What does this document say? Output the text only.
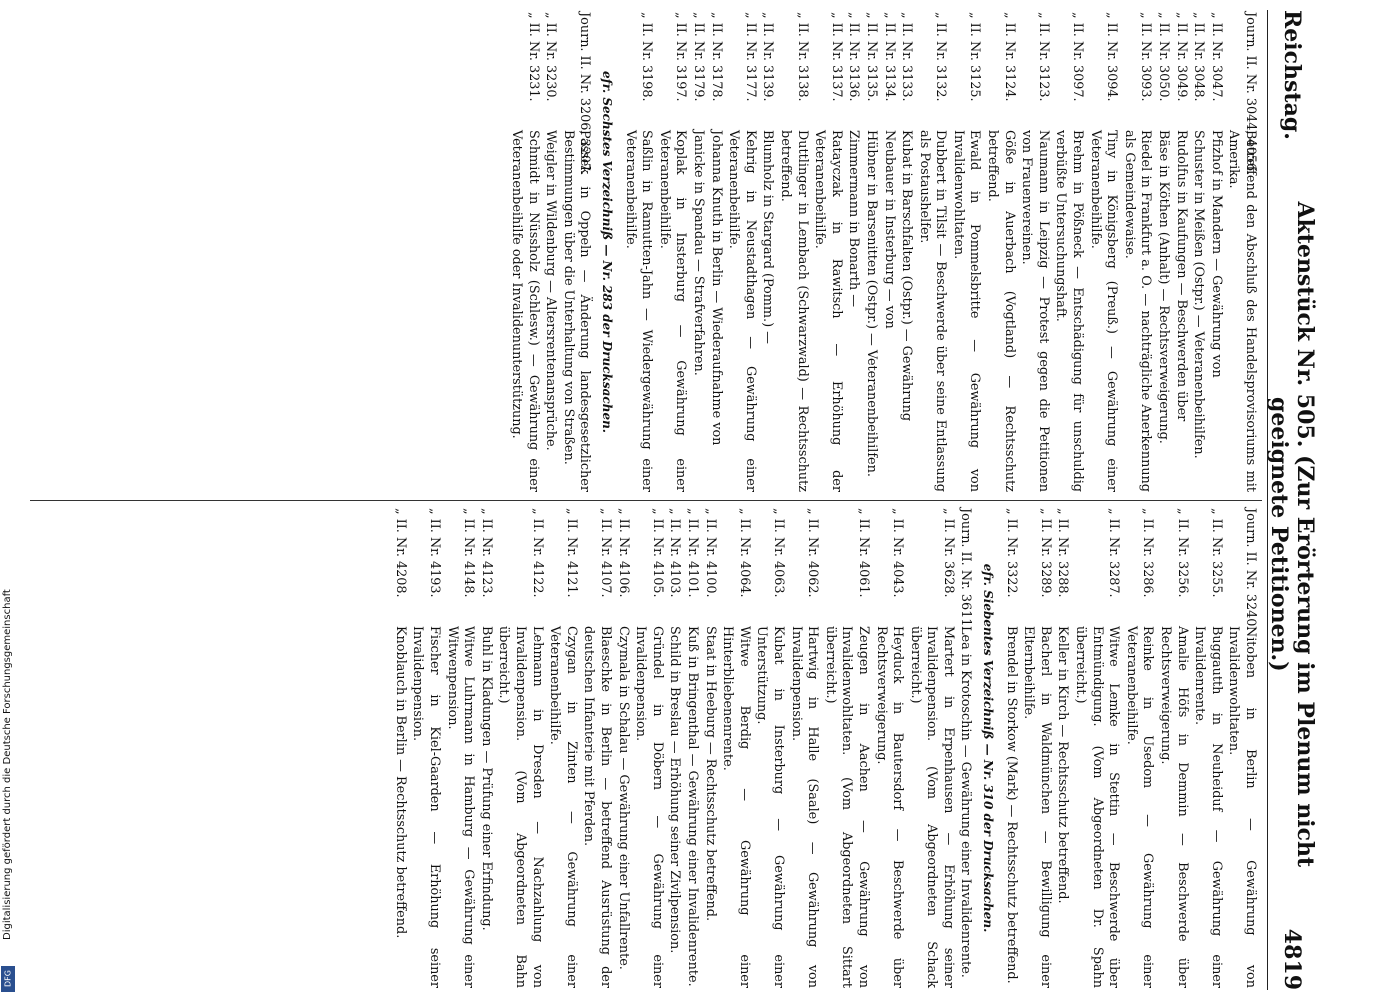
Digitalisierung gefördert durch die Deutsche Forschungsgemeinschaft
DFG
Reichstag.
Aktenstück Nr. 505. (Zur Erörterung im Plenum nicht geeignete Petitionen.)
4819
Journ. II. Nr. 3044, 4056.
Betreffend den Abschluß des Handelsprovisoriums mit Amerika.
„ II. Nr. 3047.
Pfizhof in Mandern — Gewährung von
„ II. Nr. 3048.
Schuster in Meißen (Ostpr.) — Veteranenbeihilfen.
„ II. Nr. 3049.
Rudolfus in Kaufungen — Beschwerden über
„ II. Nr. 3050.
Bäse in Köthen (Anhalt) — Rechtsverweigerung.
„ II. Nr. 3093.
Riedel in Frankfurt a. O. — nachträgliche Anerkennung als Gemeindewaise.
„ II. Nr. 3094.
Tiny in Königsberg (Preuß.) — Gewährung einer Veteranenbeihilfe.
„ II. Nr. 3097.
Brehm in Pößneck — Entschädigung für unschuldig verbüßte Untersuchungshaft.
„ II. Nr. 3123.
Naumann in Leipzig — Protest gegen die Petitionen von Frauenvereinen.
„ II. Nr. 3124.
Göße in Auerbach (Vogtland) — Rechtsschutz betreffend.
„ II. Nr. 3125.
Ewald in Pommelsbritte — Gewährung von Invalidenwohltaten.
„ II. Nr. 3132.
Dubbert in Tilsit — Beschwerde über seine Entlassung als Postaushelfer.
„ II. Nr. 3133.
Kubat in Barschfalten (Ostpr.) — Gewährung
„ II. Nr. 3134.
Neubauer in Insterburg — von
„ II. Nr. 3135.
Hübner in Barsenitten (Ostpr.) — Veteranenbeihilfen.
„ II. Nr. 3136.
Zimmermann in Bonarth —
„ II. Nr. 3137.
Ratayczak in Rawitsch — Erhöhung der Veteranenbeihilfe.
„ II. Nr. 3138.
Duttlinger in Lembach (Schwarzwald) — Rechtsschutz betreffend.
„ II. Nr. 3139.
Blumholz in Stargard (Pomm.) —
„ II. Nr. 3177.
Kehrig in Neustadthagen — Gewährung einer Veteranenbeihilfe.
„ II. Nr. 3178.
Johanna Knuth in Berlin — Wiederaufnahme von
„ II. Nr. 3179.
Janicke in Spandau — Strafverfahren.
„ II. Nr. 3197.
Koplak in Insterburg — Gewährung einer Veteranenbeihilfe.
„ II. Nr. 3198.
Saßlin in Ramutten-Jahn — Wiedergewährung einer Veteranenbeihilfe.
efr. Sechstes Verzeichniß — Nr. 283 der Drucksachen.
Journ. II. Nr. 3206, 3207.
Passek in Oppeln — Änderung landesgesetzlicher Bestimmungen über die Unterhaltung von Straßen.
„ II. Nr. 3230.
Weigler in Wildenburg — Altersrentenansprüche.
„ II. Nr. 3231.
Schmidt in Nüssholz (Schlesw.) — Gewährung einer Veteranenbeihilfe oder Invalidenunterstützung.
Journ. II. Nr. 3240.
Nitoben in Berlin — Gewährung von Invalidenwohltaten.
„ II. Nr. 3255.
Buggautth in Neuheiduf — Gewährung einer Invalidenrente.
„ II. Nr. 3256.
Amalie Höfs in Demmin — Beschwerde über Rechtsverweigerung.
„ II. Nr. 3286.
Reinke in Usedom — Gewährung einer Veteranenbeihilfe.
„ II. Nr. 3287.
Witwe Lemke in Stettin — Beschwerde über Entmündigung. (Vom Abgeordneten Dr. Spahn überreicht.)
„ II. Nr. 3288.
Keller in Kirch — Rechtsschutz betreffend.
„ II. Nr. 3289.
Bacherl in Waldmünchen — Bewilligung einer Elternbeihilfe.
„ II. Nr. 3322.
Brendel in Storkow (Mark) — Rechtsschutz betreffend.
efr. Siebentes Verzeichniß — Nr. 310 der Drucksachen.
Journ. II. Nr. 3611.
Lea in Krotoschin — Gewährung einer Invalidenrente.
„ II. Nr. 3628.
Martert in Erpenhausen — Erhöhung seiner Invalidenpension. (Vom Abgeordneten Schack überreicht.)
„ II. Nr. 4043.
Heyduck in Bautersdorf — Beschwerde über Rechtsverweigerung.
„ II. Nr. 4061.
Zeugen in Aachen — Gewährung von Invalidenwohltaten. (Vom Abgeordneten Sittart überreicht.)
„ II. Nr. 4062.
Hartwig in Halle (Saale) — Gewährung von Invalidenpension.
„ II. Nr. 4063.
Kubat in Insterburg — Gewährung einer Unterstützung.
„ II. Nr. 4064.
Witwe Berdig — Gewährung einer Hinterbliebenenrente.
„ II. Nr. 4100.
Staat in Heeburg — Rechtsschutz betreffend.
„ II. Nr. 4101.
Kuß in Bringenthal — Gewährung einer Invalidenrente.
„ II. Nr. 4103.
Schild in Breslau — Erhöhung seiner Zivilpension.
„ II. Nr. 4105.
Gründel in Döbern — Gewährung einer Invalidenpension.
„ II. Nr. 4106.
Czymala in Schalau — Gewährung einer Unfallrente.
„ II. Nr. 4107.
Blaeschke in Berlin — betreffend Ausrüstung der deutschen Infanterie mit Pferden.
„ II. Nr. 4121.
Czygan in Zinten — Gewährung einer Veteranenbeihilfe.
„ II. Nr. 4122.
Lehmann in Dresden — Nachzahlung von Invalidenpension. (Vom Abgeordneten Bahn überreicht.)
„ II. Nr. 4123.
Buhl in Kladungen — Prüfung einer Erfindung.
„ II. Nr. 4148.
Witwe Luhrmann in Hamburg — Gewährung einer Witwenpension.
„ II. Nr. 4193.
Fischer in Kiel-Gaarden — Erhöhung seiner Invalidenpension.
„ II. Nr. 4208.
Knoblauch in Berlin — Rechtsschutz betreffend.
